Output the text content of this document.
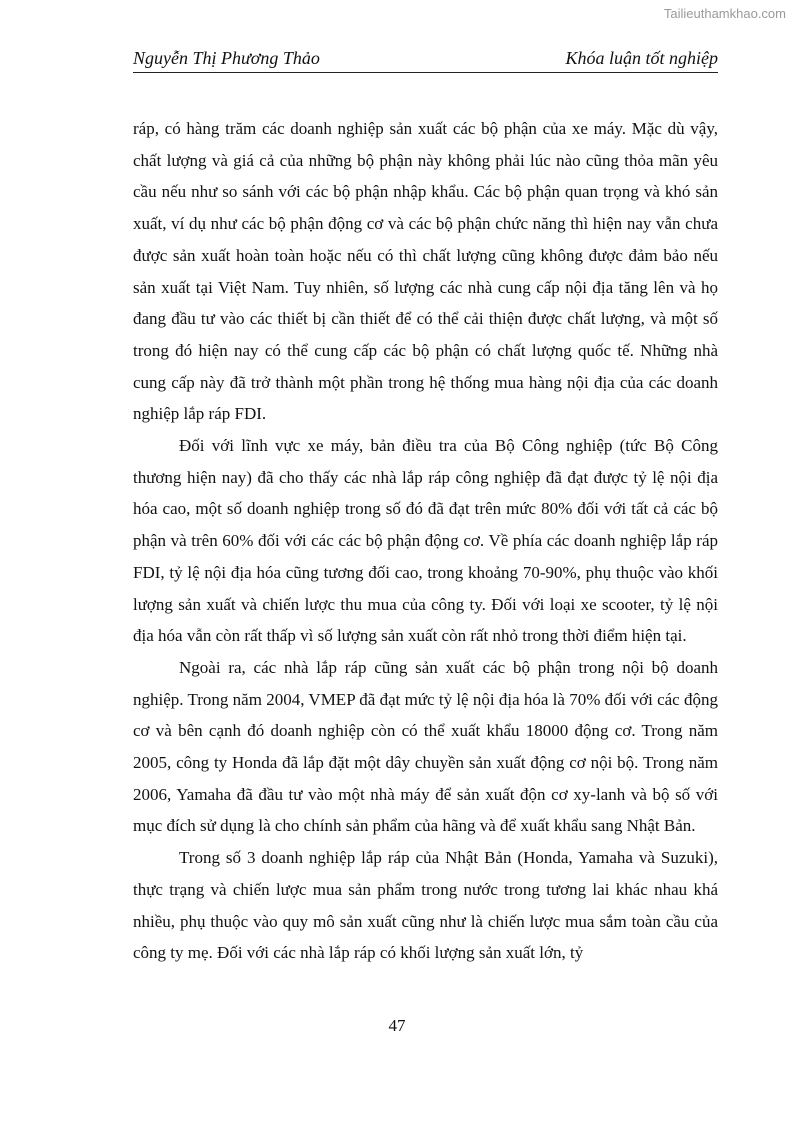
Tailieuthamkhao.com
Nguyễn Thị Phương Thảo	Khóa luận tốt nghiệp

ráp, có hàng trăm các doanh nghiệp sản xuất các bộ phận của xe máy. Mặc dù vậy, chất lượng và giá cả của những bộ phận này không phải lúc nào cũng thỏa mãn yêu cầu nếu như so sánh với các bộ phận nhập khẩu. Các bộ phận quan trọng và khó sản xuất, ví dụ như các bộ phận động cơ và các bộ phận chức năng thì hiện nay vẫn chưa được sản xuất hoàn toàn hoặc nếu có thì chất lượng cũng không được đảm bảo nếu sản xuất tại Việt Nam. Tuy nhiên, số lượng các nhà cung cấp nội địa tăng lên và họ đang đầu tư vào các thiết bị cần thiết để có thể cải thiện được chất lượng, và một số trong đó hiện nay có thể cung cấp các bộ phận có chất lượng quốc tế. Những nhà cung cấp này đã trở thành một phần trong hệ thống mua hàng nội địa của các doanh nghiệp lắp ráp FDI.

Đối với lĩnh vực xe máy, bản điều tra của Bộ Công nghiệp (tức Bộ Công thương hiện nay) đã cho thấy các nhà lắp ráp công nghiệp đã đạt được tỷ lệ nội địa hóa cao, một số doanh nghiệp trong số đó đã đạt trên mức 80% đối với tất cả các bộ phận và trên 60% đối với các các bộ phận động cơ. Về phía các doanh nghiệp lắp ráp FDI, tỷ lệ nội địa hóa cũng tương đối cao, trong khoảng 70-90%, phụ thuộc vào khối lượng sản xuất và chiến lược thu mua của công ty. Đối với loại xe scooter, tỷ lệ nội địa hóa vẫn còn rất thấp vì số lượng sản xuất còn rất nhỏ trong thời điểm hiện tại.

Ngoài ra, các nhà lắp ráp cũng sản xuất các bộ phận trong nội bộ doanh nghiệp. Trong năm 2004, VMEP đã đạt mức tỷ lệ nội địa hóa là 70% đối với các động cơ và bên cạnh đó doanh nghiệp còn có thể xuất khẩu 18000 động cơ. Trong năm 2005, công ty Honda đã lắp đặt một dây chuyền sản xuất động cơ nội bộ. Trong năm 2006, Yamaha đã đầu tư vào một nhà máy để sản xuất độn cơ xy-lanh và bộ số với mục đích sử dụng là cho chính sản phẩm của hãng và để xuất khẩu sang Nhật Bản.

Trong số 3 doanh nghiệp lắp ráp của Nhật Bản (Honda, Yamaha và Suzuki), thực trạng và chiến lược mua sản phẩm trong nước trong tương lai khác nhau khá nhiều, phụ thuộc vào quy mô sản xuất cũng như là chiến lược mua sắm toàn cầu của công ty mẹ. Đối với các nhà lắp ráp có khối lượng sản xuất lớn, tỷ

47
